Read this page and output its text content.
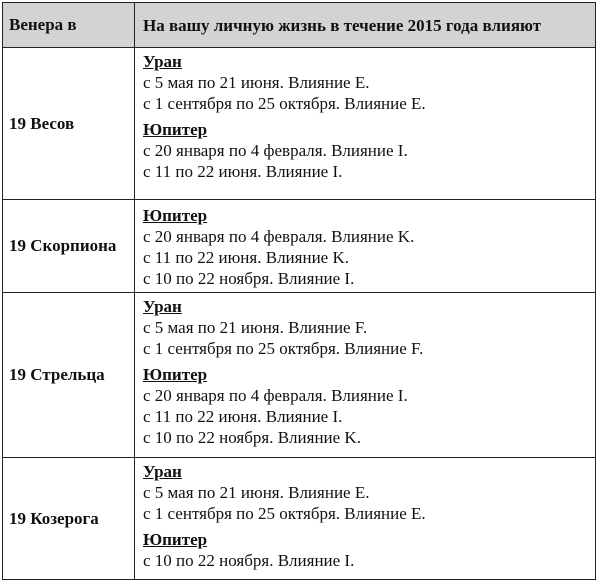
Венера в	На вашу личную жизнь в течение 2015 года влияют
19 Весов
Уран
с 5 мая по 21 июня. Влияние E.
с 1 сентября по 25 октября. Влияние E.
Юпитер
с 20 января по 4 февраля. Влияние I.
с 11 по 22 июня. Влияние I.
19 Скорпиона
Юпитер
с 20 января по 4 февраля. Влияние K.
с 11 по 22 июня. Влияние K.
с 10 по 22 ноября. Влияние I.
19 Стрельца
Уран
с 5 мая по 21 июня. Влияние F.
с 1 сентября по 25 октября. Влияние F.
Юпитер
с 20 января по 4 февраля. Влияние I.
с 11 по 22 июня. Влияние I.
с 10 по 22 ноября. Влияние K.
19 Козерога
Уран
с 5 мая по 21 июня. Влияние E.
с 1 сентября по 25 октября. Влияние E.
Юпитер
с 10 по 22 ноября. Влияние I.
